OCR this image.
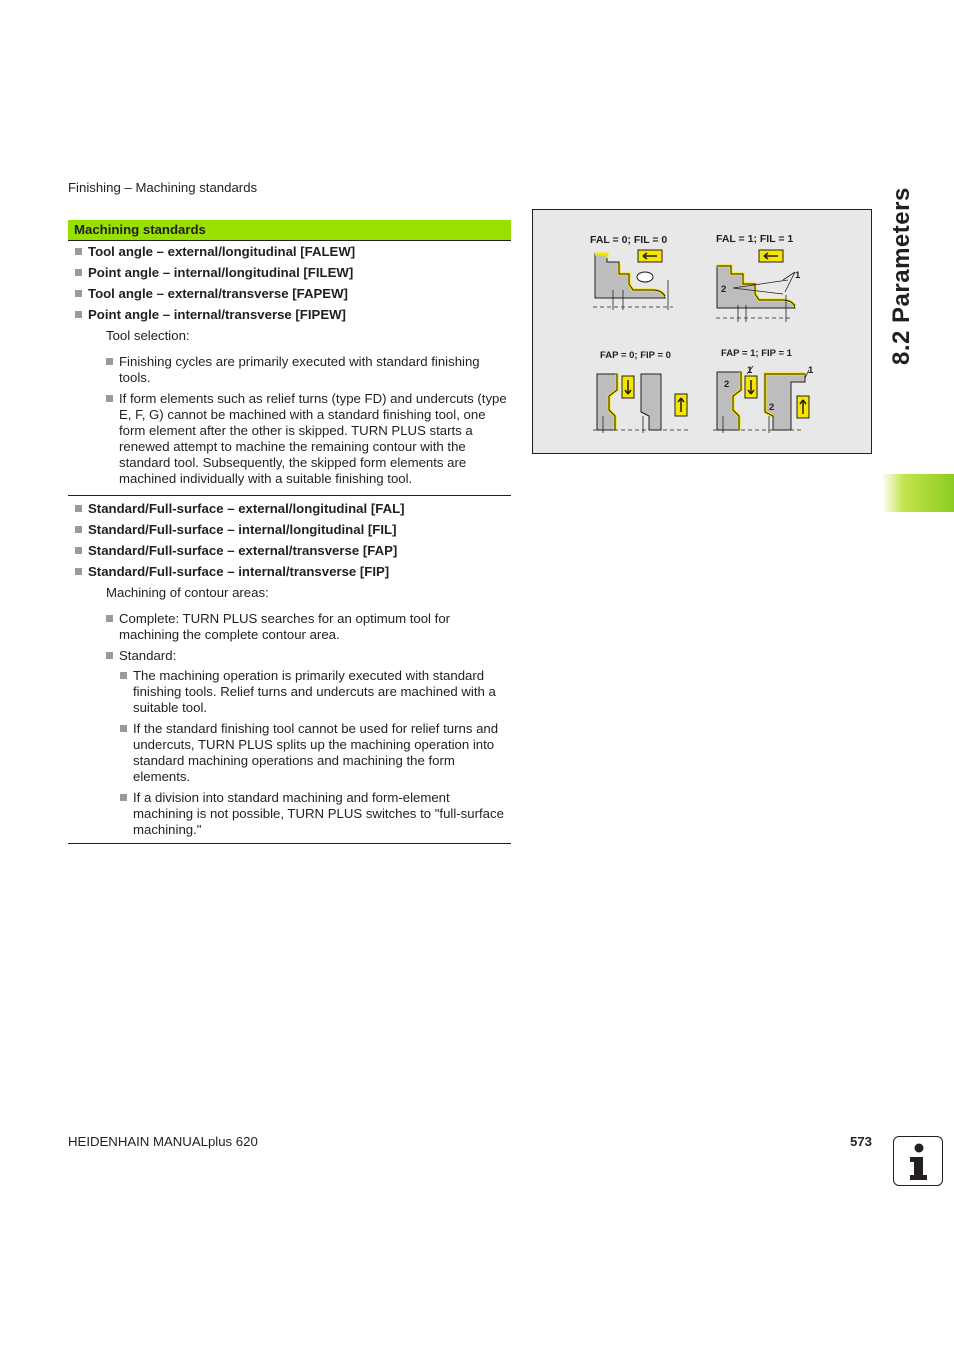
Finishing – Machining standards	8.2 Parameters
Machining standards
Tool angle – external/longitudinal [FALEW]
Point angle – internal/longitudinal [FILEW]
Tool angle – external/transverse [FAPEW]
Point angle – internal/transverse [FIPEW]
Tool selection:
Finishing cycles are primarily executed with standard finishing tools.
If form elements such as relief turns (type FD) and undercuts (type E, F, G) cannot be machined with a standard finishing tool, one form element after the other is skipped. TURN PLUS starts a renewed attempt to machine the remaining contour with the standard tool. Subsequently, the skipped form elements are machined individually with a suitable finishing tool.
Standard/Full-surface – external/longitudinal [FAL]
Standard/Full-surface – internal/longitudinal [FIL]
Standard/Full-surface – external/transverse [FAP]
Standard/Full-surface – internal/transverse [FIP]
Machining of contour areas:
Complete: TURN PLUS searches for an optimum tool for machining the complete contour area.
Standard:
The machining operation is primarily executed with standard finishing tools. Relief turns and undercuts are machined with a suitable tool.
If the standard finishing tool cannot be used for relief turns and undercuts, TURN PLUS splits up the machining operation into standard machining operations and machining the form elements.
If a division into standard machining and form-element machining is not possible, TURN PLUS switches to "full-surface machining."
FAL = 0; FIL = 0	FAL = 1; FIL = 1
FAP = 0; FIP = 0	FAP = 1; FIP = 1
1
2
1	1
2
2
HEIDENHAIN MANUALplus 620	573
